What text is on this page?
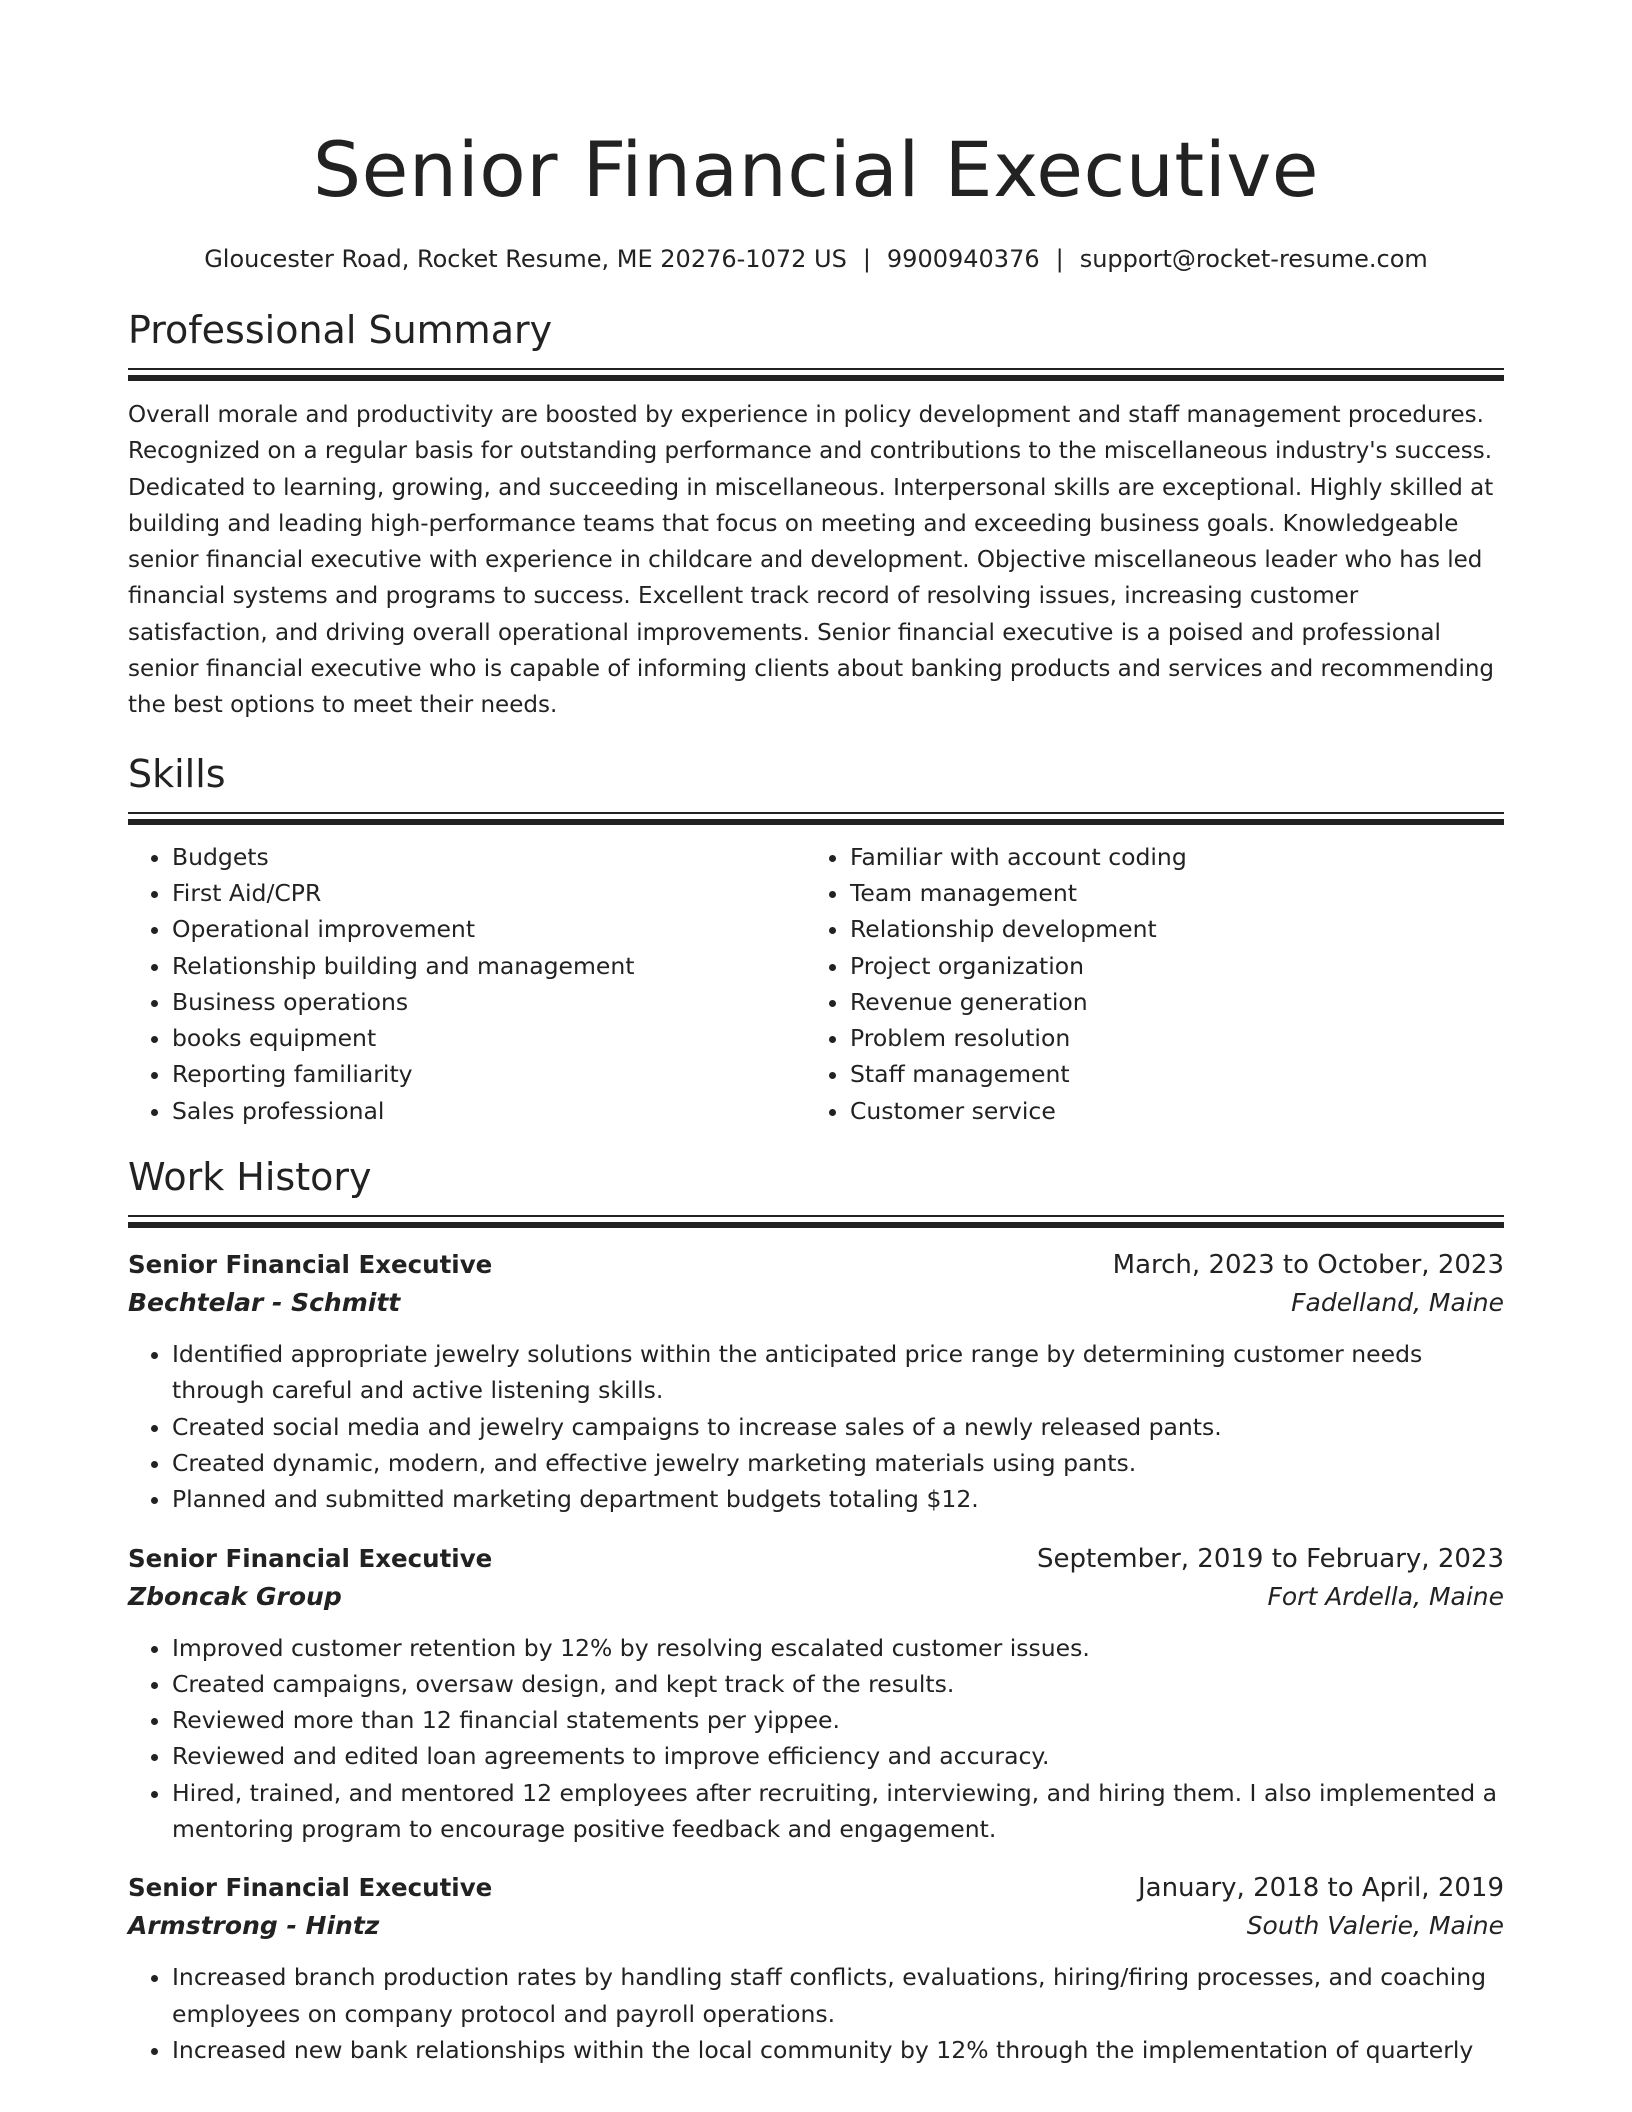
Senior Financial Executive
Gloucester Road, Rocket Resume, ME 20276-1072 US | 9900940376 | support@rocket-resume.com
Professional Summary

Overall morale and productivity are boosted by experience in policy development and staff management procedures. Recognized on a regular basis for outstanding performance and contributions to the miscellaneous industry's success. Dedicated to learning, growing, and succeeding in miscellaneous. Interpersonal skills are exceptional. Highly skilled at building and leading high-performance teams that focus on meeting and exceeding business goals. Knowledgeable senior financial executive with experience in childcare and development. Objective miscellaneous leader who has led financial systems and programs to success. Excellent track record of resolving issues, increasing customer satisfaction, and driving overall operational improvements. Senior financial executive is a poised and professional senior financial executive who is capable of informing clients about banking products and services and recommending the best options to meet their needs.

Skills
• Budgets
• First Aid/CPR
• Operational improvement
• Relationship building and management
• Business operations
• books equipment
• Reporting familiarity
• Sales professional
• Familiar with account coding
• Team management
• Relationship development
• Project organization
• Revenue generation
• Problem resolution
• Staff management
• Customer service
Work History
Senior Financial Executive	March, 2023 to October, 2023
Bechtelar - Schmitt	Fadelland, Maine
• Identified appropriate jewelry solutions within the anticipated price range by determining customer needs through careful and active listening skills.
• Created social media and jewelry campaigns to increase sales of a newly released pants.
• Created dynamic, modern, and effective jewelry marketing materials using pants.
• Planned and submitted marketing department budgets totaling $12.
Senior Financial Executive	September, 2019 to February, 2023
Zboncak Group	Fort Ardella, Maine
• Improved customer retention by 12% by resolving escalated customer issues.
• Created campaigns, oversaw design, and kept track of the results.
• Reviewed more than 12 financial statements per yippee.
• Reviewed and edited loan agreements to improve efficiency and accuracy.
• Hired, trained, and mentored 12 employees after recruiting, interviewing, and hiring them. I also implemented a mentoring program to encourage positive feedback and engagement.
Senior Financial Executive	January, 2018 to April, 2019
Armstrong - Hintz	South Valerie, Maine
• Increased branch production rates by handling staff conflicts, evaluations, hiring/firing processes, and coaching employees on company protocol and payroll operations.
• Increased new bank relationships within the local community by 12% through the implementation of quarterly
